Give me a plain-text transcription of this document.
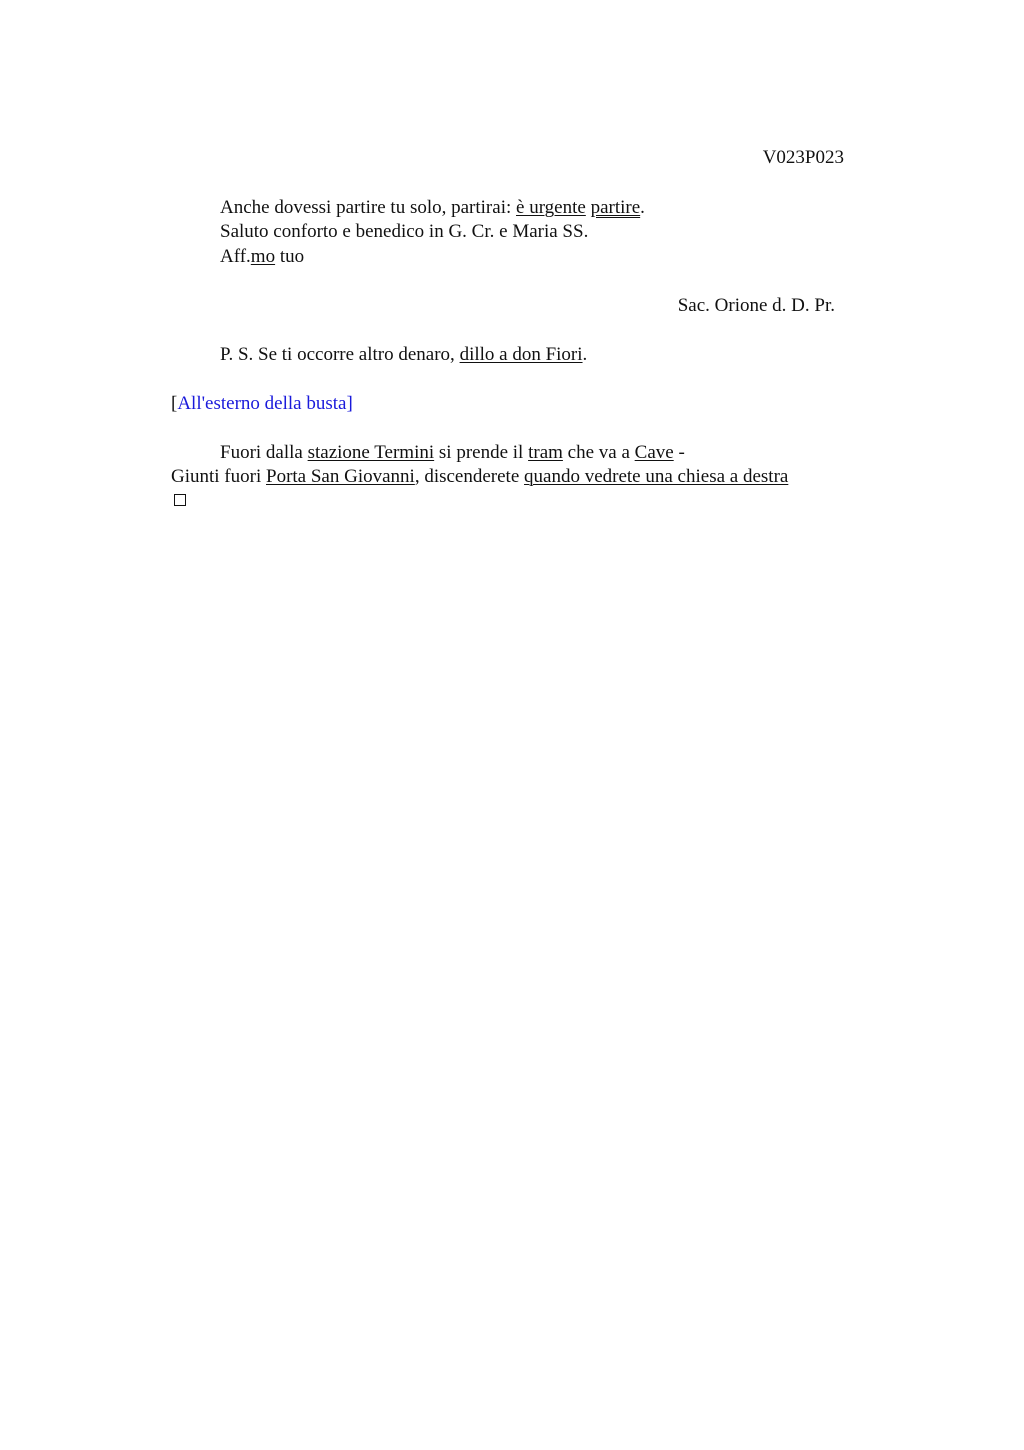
V023P023
Anche dovessi partire tu solo, partirai: è urgente partire.
Saluto conforto e benedico in G. Cr. e Maria SS.
Aff.mo tuo
Sac. Orione d. D. Pr.
P. S. Se ti occorre altro denaro, dillo a don Fiori.
[All'esterno della busta]
Fuori dalla stazione Termini si prende il tram che va a Cave -
Giunti fuori Porta San Giovanni, discenderete quando vedrete una chiesa a destra
